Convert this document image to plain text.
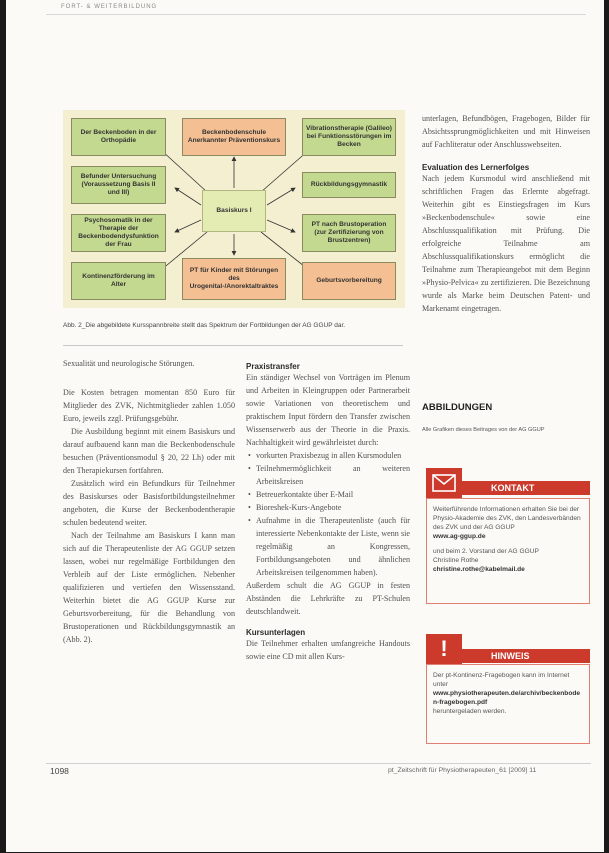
FORT- & WEITERBILDUNG
Der Beckenboden in der Orthopädie
Beckenbodenschule Anerkannter Präventionskurs
Vibrationstherapie (Galileo) bei Funktionsstörungen im Becken
Befunder Untersuchung (Voraussetzung Basis II und III)
Rückbildungsgymnastik
Psychosomatik in der Therapie der Beckenbodendysfunktion der Frau
Basiskurs I
PT nach Brustoperation (zur Zertifizierung von Brustzentren)
Kontinenzförderung im Alter
PT für Kinder mit Störungen des Urogenital-/Anorektaltraktes
Geburtsvorbereitung
Abb. 2_Die abgebildete Kursspannbreite stellt das Spektrum der Fortbildungen der AG GGUP dar.

Sexualität und neurologische Störungen.

Die Kosten betragen momentan 850 Euro für Mitglieder des ZVK, Nichtmitglieder zahlen 1.050 Euro, jeweils zzgl. Prüfungsgebühr.

Die Ausbildung beginnt mit einem Basiskurs und darauf aufbauend kann man die Beckenbodenschule besuchen (Präventionsmodul § 20, 22 Lh) oder mit den Therapiekursen fortfahren.

Zusätzlich wird ein Befundkurs für Teilnehmer des Basiskurses oder Basisfortbildungsteilnehmer angeboten, die Kurse der Beckenbodentherapie schulen bedeutend weiter.

Nach der Teilnahme am Basiskurs I kann man sich auf die Therapeutenliste der AG GGUP setzen lassen, wobei nur regelmäßige Fortbildungen den Verbleib auf der Liste ermöglichen. Nebenher qualifizieren und vertiefen den Wissensstand. Weiterhin bietet die AG GGUP Kurse zur Geburtsvorbereitung, für die Behandlung von Brustoperationen und Rückbildungsgymnastik an (Abb. 2).

Praxistransfer

Ein ständiger Wechsel von Vorträgen im Plenum und Arbeiten in Kleingruppen oder Partnerarbeit sowie Variationen von theoretischem und praktischem Input fördern den Transfer zwischen Wissenserwerb aus der Theorie in die Praxis. Nachhaltigkeit wird gewährleistet durch:

• vorkurten Praxisbezug in allen Kursmodulen
• Teilnehmermöglichkeit an weiteren Arbeitskreisen
• Betreuerkontakte über E-Mail
• Bioreshek-Kurs-Angebote
• Aufnahme in die Therapeutenliste (auch für interessierte Nebenkontakte der Liste, wenn sie regelmäßig an Kongressen, Fortbildungsangeboten und ähnlichen Arbeitskreisen teilgenommen haben).

Außerdem schult die AG GGUP in festen Abständen die Lehrkräfte zu PT-Schulen deutschlandweit.

Kursunterlagen

Die Teilnehmer erhalten umfangreiche Handouts sowie eine CD mit allen Kurs-

unterlagen, Befundbögen, Fragebogen, Bilder für Absichtssprungmöglichkeiten und mit Hinweisen auf Fachliteratur oder Anschlusswebseiten.

Evaluation des Lernerfolges

Nach jedem Kursmodul wird anschließend mit schriftlichen Fragen das Erlernte abgefragt. Weiterhin gibt es Einstiegsfragen im Kurs »Beckenbodenschule« sowie eine Abschlussqualifikation mit Prüfung. Die erfolgreiche Teilnahme am Abschlussqualifikationskurs ermöglicht die Teilnahme zum Therapieangebot mit dem Beginn »Physio-Pelvica« zu zertifizieren. Die Bezeichnung wurde als Marke beim Deutschen Patent- und Markenamt eingetragen.

ABBILDUNGEN
Alle Grafiken dieses Beitrages von der AG GGUP
KONTAKT
Weiterführende Informationen erhalten Sie bei der Physio-Akademie des ZVK, den Landesverbänden des ZVK und der AG GGUP
www.ag-ggup.de
und beim 2. Vorstand der AG GGUP
Christine Rothe
christine.rothe@kabelmail.de
HINWEIS
!
Der pt-Kontinenz-Fragebogen kann im Internet unter
www.physiotherapeuten.de/archiv/beckenboden-fragebogen.pdf
heruntergeladen werden.
1098	pt_Zeitschrift für Physiotherapeuten_61 [2009] 11
